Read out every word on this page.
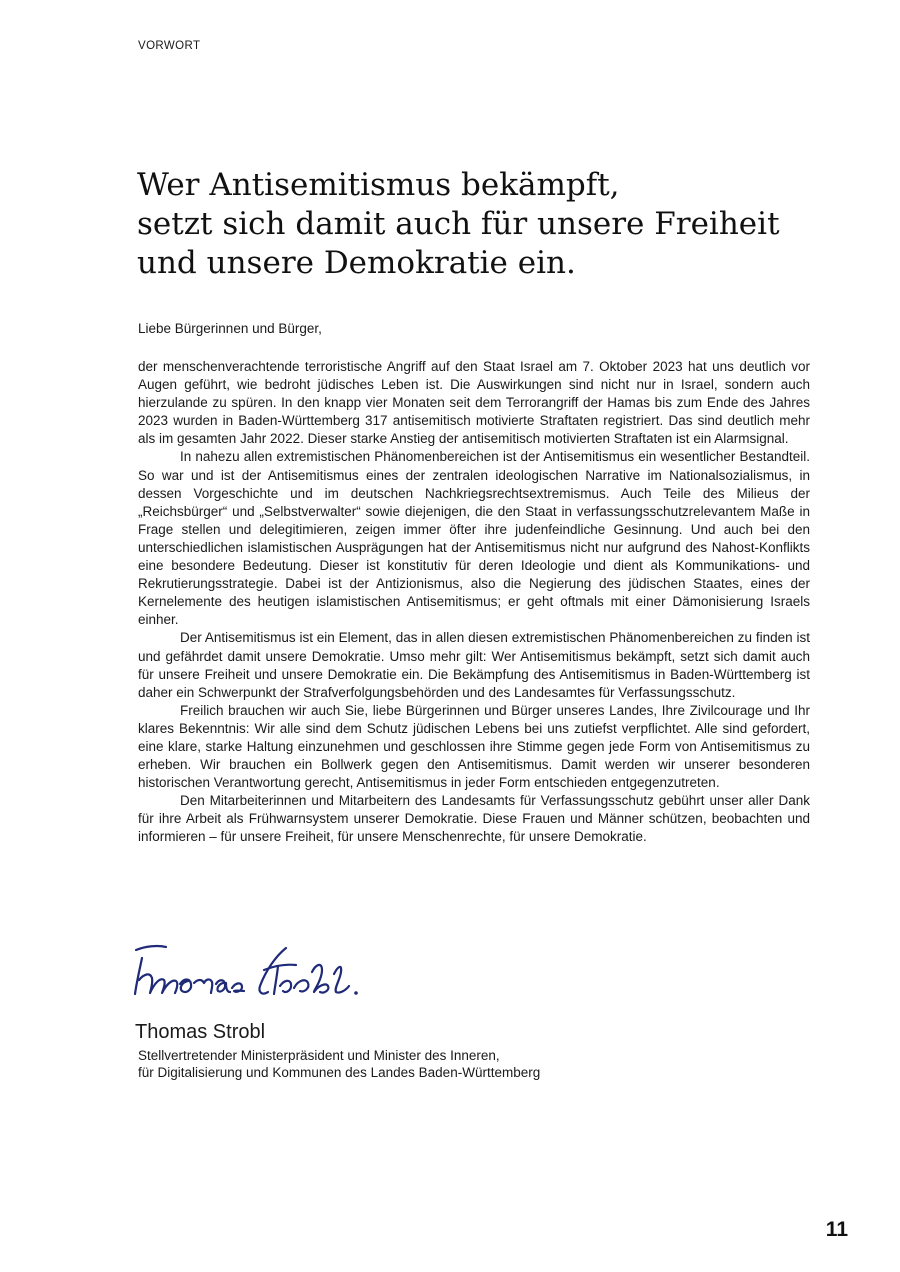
VORWORT
Wer Antisemitismus bekämpft,
setzt sich damit auch für unsere Freiheit
und unsere Demokratie ein.

Liebe Bürgerinnen und Bürger,

der menschenverachtende terroristische Angriff auf den Staat Israel am 7. Oktober 2023 hat uns deutlich vor Augen geführt, wie bedroht jüdisches Leben ist. Die Auswirkungen sind nicht nur in Israel, sondern auch hierzulande zu spüren. In den knapp vier Monaten seit dem Terrorangriff der Hamas bis zum Ende des Jahres 2023 wurden in Baden-Württemberg 317 antisemitisch motivierte Straftaten registriert. Das sind deutlich mehr als im gesamten Jahr 2022. Dieser starke Anstieg der antisemitisch motivierten Straftaten ist ein Alarmsignal.

In nahezu allen extremistischen Phänomenbereichen ist der Antisemitismus ein wesentlicher Bestandteil. So war und ist der Antisemitismus eines der zentralen ideologischen Narrative im Nationalsozialismus, in dessen Vorgeschichte und im deutschen Nachkriegsrechtsextremismus. Auch Teile des Milieus der „Reichsbürger“ und „Selbstverwalter“ sowie diejenigen, die den Staat in verfassungsschutzrelevantem Maße in Frage stellen und delegitimieren, zeigen immer öfter ihre judenfeindliche Gesinnung. Und auch bei den unterschiedlichen islamistischen Ausprägungen hat der Antisemitismus nicht nur aufgrund des Nahost-Konflikts eine besondere Bedeutung. Dieser ist konstitutiv für deren Ideologie und dient als Kommunikations- und Rekrutierungsstrategie. Dabei ist der Antizionismus, also die Negierung des jüdischen Staates, eines der Kernelemente des heutigen islamistischen Antisemitismus; er geht oftmals mit einer Dämonisierung Israels einher.

Der Antisemitismus ist ein Element, das in allen diesen extremistischen Phänomenbereichen zu finden ist und gefährdet damit unsere Demokratie. Umso mehr gilt: Wer Antisemitismus bekämpft, setzt sich damit auch für unsere Freiheit und unsere Demokratie ein. Die Bekämpfung des Antisemitismus in Baden-Württemberg ist daher ein Schwerpunkt der Strafverfolgungsbehörden und des Landesamtes für Verfassungsschutz.

Freilich brauchen wir auch Sie, liebe Bürgerinnen und Bürger unseres Landes, Ihre Zivilcourage und Ihr klares Bekenntnis: Wir alle sind dem Schutz jüdischen Lebens bei uns zutiefst verpflichtet. Alle sind gefordert, eine klare, starke Haltung einzunehmen und geschlossen ihre Stimme gegen jede Form von Antisemitismus zu erheben. Wir brauchen ein Bollwerk gegen den Antisemitismus. Damit werden wir unserer besonderen historischen Verantwortung gerecht, Antisemitismus in jeder Form entschieden entgegenzutreten.

Den Mitarbeiterinnen und Mitarbeitern des Landesamts für Verfassungsschutz gebührt unser aller Dank für ihre Arbeit als Frühwarnsystem unserer Demokratie. Diese Frauen und Männer schützen, beobachten und informieren – für unsere Freiheit, für unsere Menschenrechte, für unsere Demokratie.

Thomas Strobl

Stellvertretender Ministerpräsident und Minister des Inneren,
für Digitalisierung und Kommunen des Landes Baden-Württemberg

11
